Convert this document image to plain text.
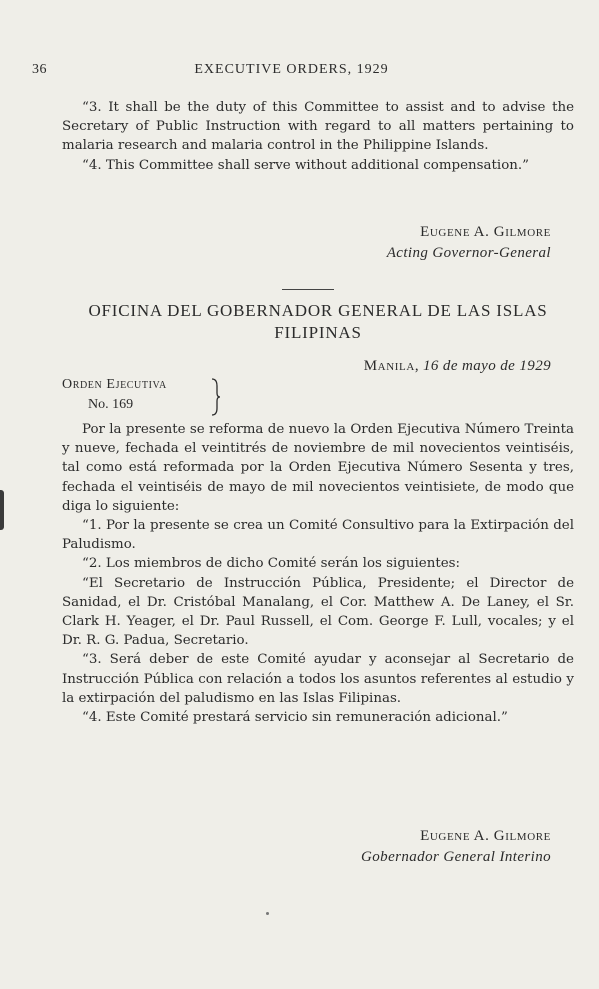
36	EXECUTIVE ORDERS, 1929

“3. It shall be the duty of this Committee to assist and to advise the Secretary of Public Instruction with regard to all matters pertaining to malaria research and malaria control in the Philippine Islands.

“4. This Committee shall serve without additional compensation.”

Eugene A. Gilmore
Acting Governor-General
OFICINA DEL GOBERNADOR GENERAL DE LAS ISLAS FILIPINAS
Manila, 16 de mayo de 1929
Orden Ejecutiva
No. 169

Por la presente se reforma de nuevo la Orden Ejecutiva Número Treinta y nueve, fechada el veintitrés de noviembre de mil novecientos veintiséis, tal como está reformada por la Orden Ejecutiva Número Sesenta y tres, fechada el veintiséis de mayo de mil novecientos veintisiete, de modo que diga lo siguiente:

“1. Por la presente se crea un Comité Consultivo para la Extirpación del Paludismo.

“2. Los miembros de dicho Comité serán los siguientes:

“El Secretario de Instrucción Pública, Presidente; el Director de Sanidad, el Dr. Cristóbal Manalang, el Cor. Matthew A. De Laney, el Sr. Clark H. Yeager, el Dr. Paul Russell, el Com. George F. Lull, vocales; y el Dr. R. G. Padua, Secretario.

“3. Será deber de este Comité ayudar y aconsejar al Secretario de Instrucción Pública con relación a todos los asuntos referentes al estudio y la extirpación del paludismo en las Islas Filipinas.

“4. Este Comité prestará servicio sin remuneración adicional.”

Eugene A. Gilmore
Gobernador General Interino
